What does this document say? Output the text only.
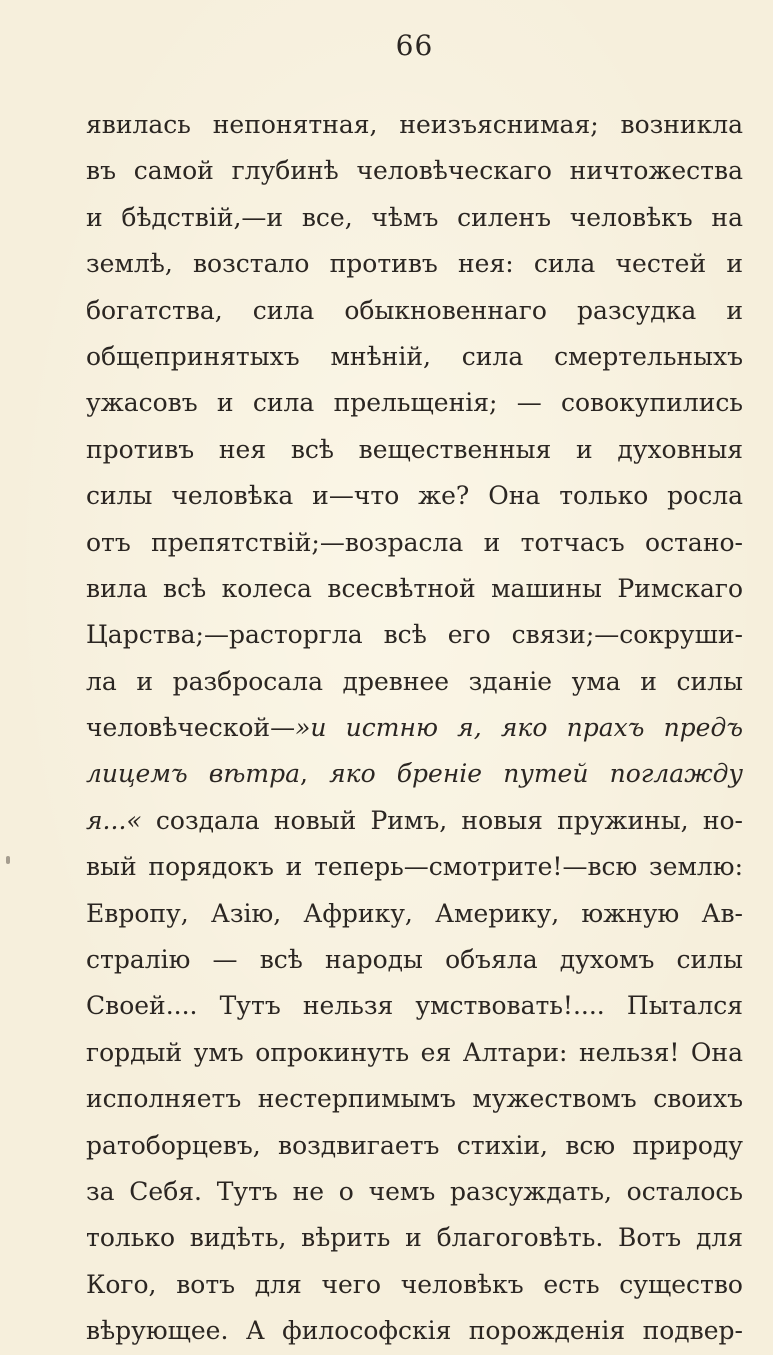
66
явилась непонятная, неизъяснимая; возникла
въ самой глубинѣ человѣческаго ничтожества
и бѣдствій,—и все, чѣмъ силенъ человѣкъ на
землѣ, возстало противъ нея: сила честей и
богатства, сила обыкновеннаго разсудка и
общепринятыхъ мнѣній, сила смертельныхъ
ужасовъ и сила прельщенія; — совокупились
противъ нея всѣ вещественныя и духовныя
силы человѣка и—что же? Она только росла
отъ препятствій;—возрасла и тотчасъ остано-
вила всѣ колеса всесвѣтной машины Римскаго
Царства;—расторгла всѣ его связи;—сокруши-
ла и разбросала древнее зданіе ума и силы
человѣческой—»и истню я, яко прахъ предъ
лицемъ вѣтра, яко бреніе путей поглажду
я...« создала новый Римъ, новыя пружины, но-
вый порядокъ и теперь—смотрите!—всю землю:
Европу, Азію, Африку, Америку, южную Ав-
стралію — всѣ народы объяла духомъ силы
Своей.... Тутъ нельзя умствовать!.... Пытался
гордый умъ опрокинуть ея Алтари: нельзя! Она
исполняетъ нестерпимымъ мужествомъ своихъ
ратоборцевъ, воздвигаетъ стихіи, всю природу
за Себя. Тутъ не о чемъ разсуждать, осталось
только видѣть, вѣрить и благоговѣть. Вотъ для
Кого, вотъ для чего человѣкъ есть существо
вѣрующее. А философскія порожденія подвер-
